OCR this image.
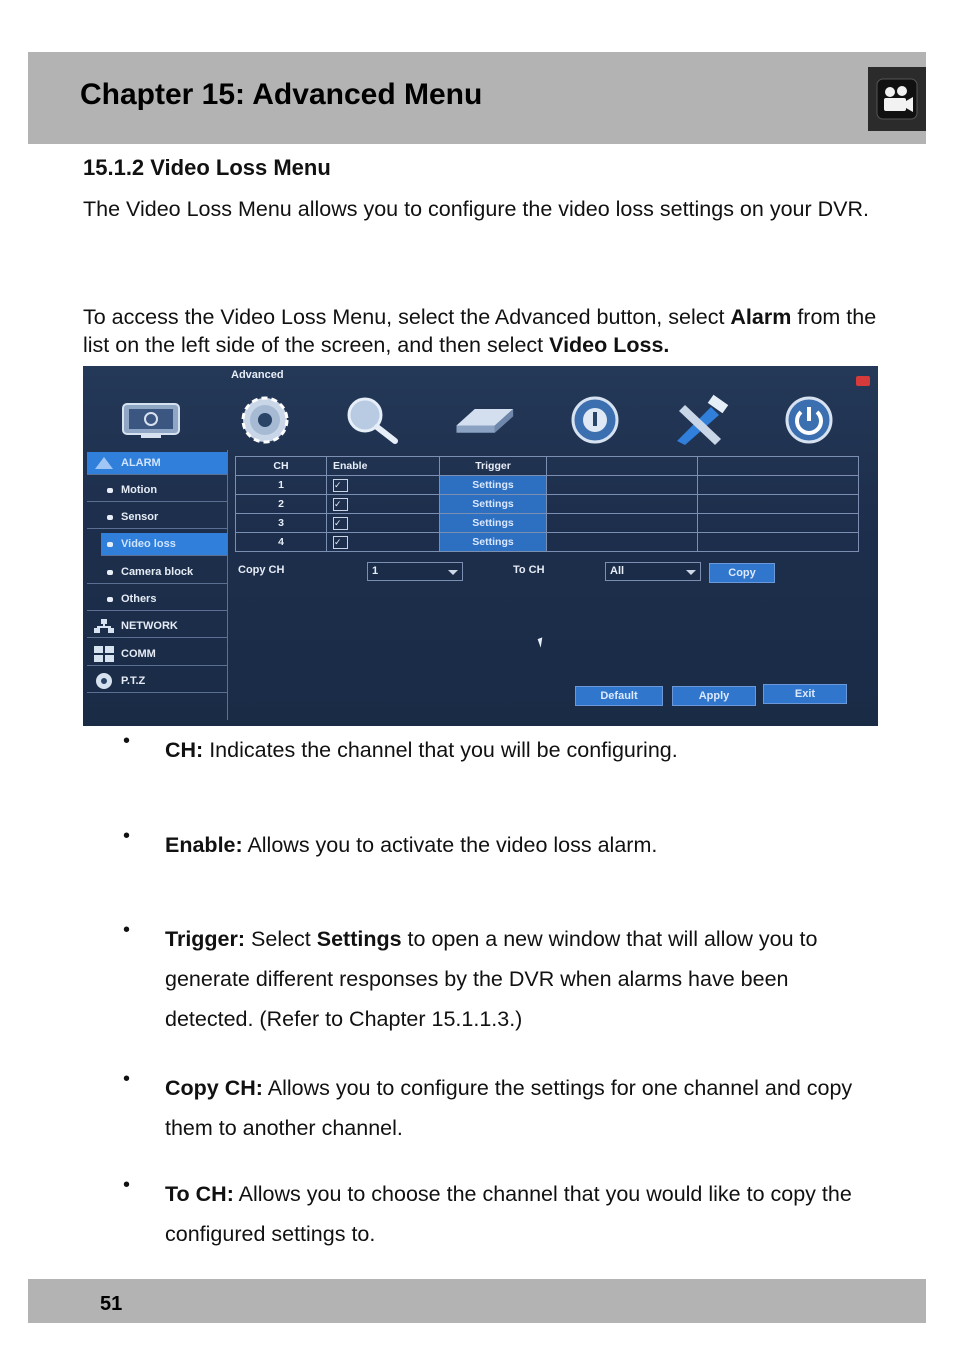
Chapter 15: Advanced Menu
15.1.2 Video Loss Menu
The Video Loss Menu allows you to configure the video loss settings on your DVR.
To access the Video Loss Menu, select the Advanced button, select Alarm from the list on the left side of the screen, and then select Video Loss.
Advanced
ALARM
Motion
Sensor
Video loss
Camera block
Others
NETWORK
COMM
P.T.Z
CH	Enable	Trigger		
1	✓	Settings		
2	✓	Settings		
3	✓	Settings		
4	✓	Settings		
Copy CH	1	To CH	All	Copy
Default	Apply	Exit
• CH: Indicates the channel that you will be configuring.
• Enable: Allows you to activate the video loss alarm.
• Trigger: Select Settings to open a new window that will allow you to generate different responses by the DVR when alarms have been detected. (Refer to Chapter 15.1.1.3.)
• Copy CH: Allows you to configure the settings for one channel and copy them to another channel.
• To CH: Allows you to choose the channel that you would like to copy the configured settings to.
51
